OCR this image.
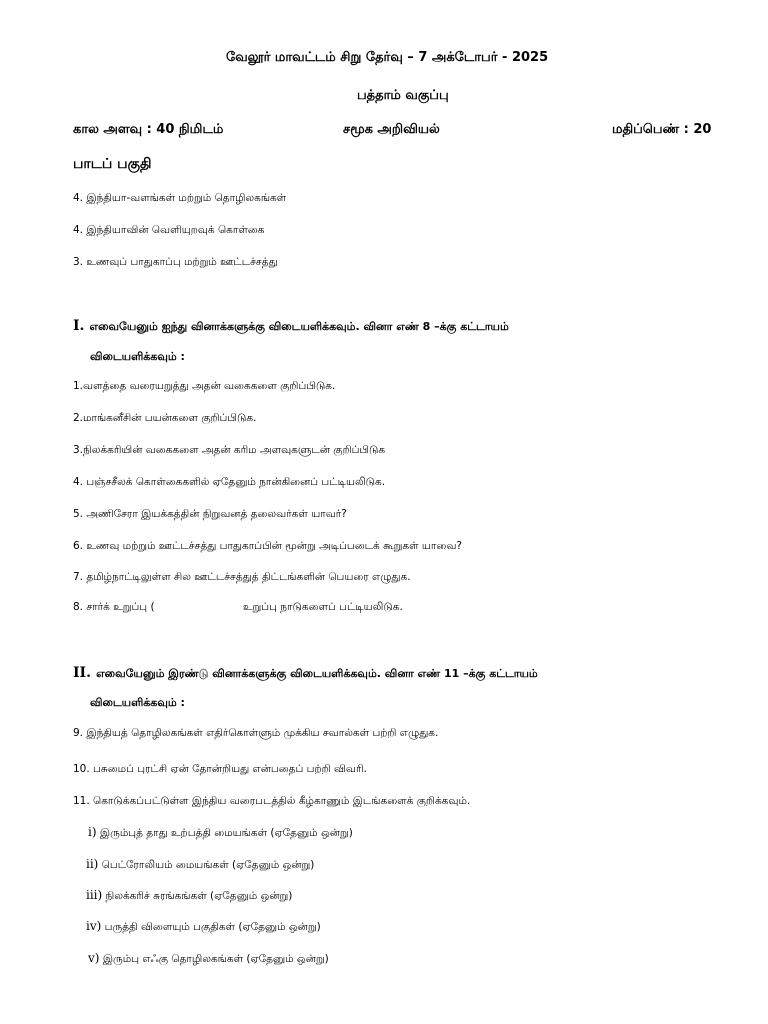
வேலூர் மாவட்டம் சிறு தேர்வு – 7 அக்டோபர் - 2025
பத்தாம் வகுப்பு
கால அளவு : 40 நிமிடம்	சமூக அறிவியல்	மதிப்பெண் : 20
பாடப் பகுதி
4. இந்தியா-வளங்கள் மற்றும் தொழிலகங்கள்
4. இந்தியாவின் வெளியுறவுக் கொள்கை
3. உணவுப் பாதுகாப்பு மற்றும் ஊட்டச்சத்து
I. எவையேனும் ஐந்து வினாக்களுக்கு விடையளிக்கவும். வினா எண் 8 –க்கு கட்டாயம்
விடையளிக்கவும் :
1.வளத்தை வரையறுத்து அதன் வகைகளை குறிப்பிடுக.
2.மாங்கனீசின் பயன்களை குறிப்பிடுக.
3.நிலக்கரியின் வகைகளை அதன் கரிம அளவுகளுடன் குறிப்பிடுக
4. பஞ்சசீலக் கொள்கைகளில் ஏதேனும் நான்கினைப் பட்டியலிடுக.
5. அணிசேரா இயக்கத்தின் நிறுவனத் தலைவர்கள் யாவர்?
6. உணவு மற்றும் ஊட்டச்சத்து பாதுகாப்பின் மூன்று அடிப்படைக் கூறுகள் யாவை?
7. தமிழ்நாட்டிலுள்ள சில ஊட்டச்சத்துத் திட்டங்களின் பெயரை எழுதுக.
8. சார்க் உறுப்பு (	உறுப்பு நாடுகளைப் பட்டியலிடுக.
II. எவையேனும் இரண்டு வினாக்களுக்கு விடையளிக்கவும். வினா எண் 11 –க்கு கட்டாயம்
விடையளிக்கவும் :
9. இந்தியத் தொழிலகங்கள் எதிர்கொள்ளும் முக்கிய சவால்கள் பற்றி எழுதுக.
10. பசுமைப் புரட்சி ஏன் தோன்றியது என்பதைப் பற்றி விவரி.
11. கொடுக்கப்பட்டுள்ள இந்திய வரைபடத்தில் கீழ்காணும் இடங்களைக் குறிக்கவும்.
i) இரும்புத் தாது உற்பத்தி மையங்கள் (ஏதேனும் ஒன்று)
ii) பெட்ரோலியம் மையங்கள் (ஏதேனும் ஒன்று)
iii) நிலக்கரிச் சுரங்கங்கள் (ஏதேனும் ஒன்று)
iv) பருத்தி விளையும் பகுதிகள் (ஏதேனும் ஒன்று)
v) இரும்பு எஃகு தொழிலகங்கள் (ஏதேனும் ஒன்று)
